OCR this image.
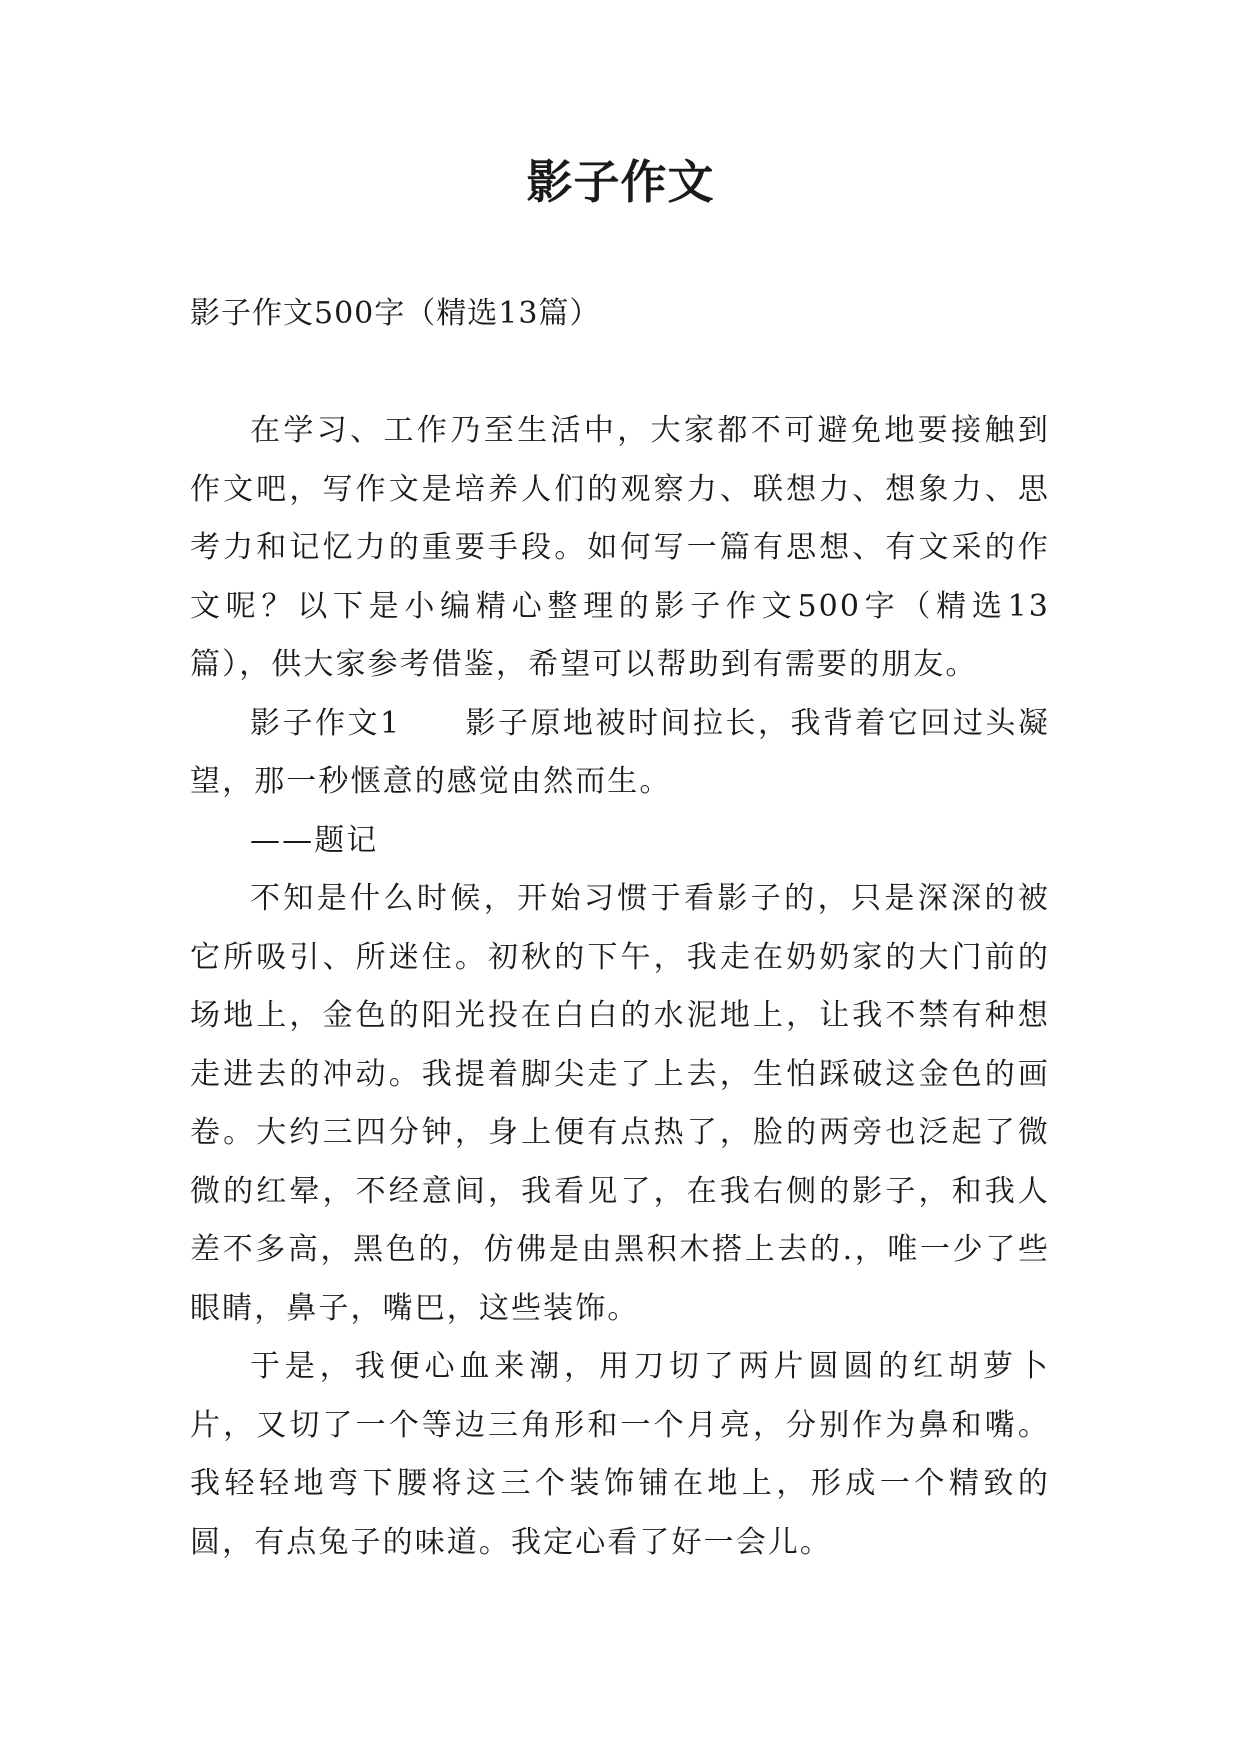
影子作文
影子作文500字（精选13篇）

在学习、工作乃至生活中，大家都不可避免地要接触到作文吧，写作文是培养人们的观察力、联想力、想象力、思考力和记忆力的重要手段。如何写一篇有思想、有文采的作文呢？以下是小编精心整理的影子作文500字（精选13篇），供大家参考借鉴，希望可以帮助到有需要的朋友。

影子作文1 影子原地被时间拉长，我背着它回过头凝望，那一秒惬意的感觉由然而生。

——题记

不知是什么时候，开始习惯于看影子的，只是深深的被它所吸引、所迷住。初秋的下午，我走在奶奶家的大门前的场地上，金色的阳光投在白白的水泥地上，让我不禁有种想走进去的冲动。我提着脚尖走了上去，生怕踩破这金色的画卷。大约三四分钟，身上便有点热了，脸的两旁也泛起了微微的红晕，不经意间，我看见了，在我右侧的影子，和我人差不多高，黑色的，仿佛是由黑积木搭上去的.，唯一少了些眼睛，鼻子，嘴巴，这些装饰。

于是，我便心血来潮，用刀切了两片圆圆的红胡萝卜片，又切了一个等边三角形和一个月亮，分别作为鼻和嘴。我轻轻地弯下腰将这三个装饰铺在地上，形成一个精致的圆，有点兔子的味道。我定心看了好一会儿。
